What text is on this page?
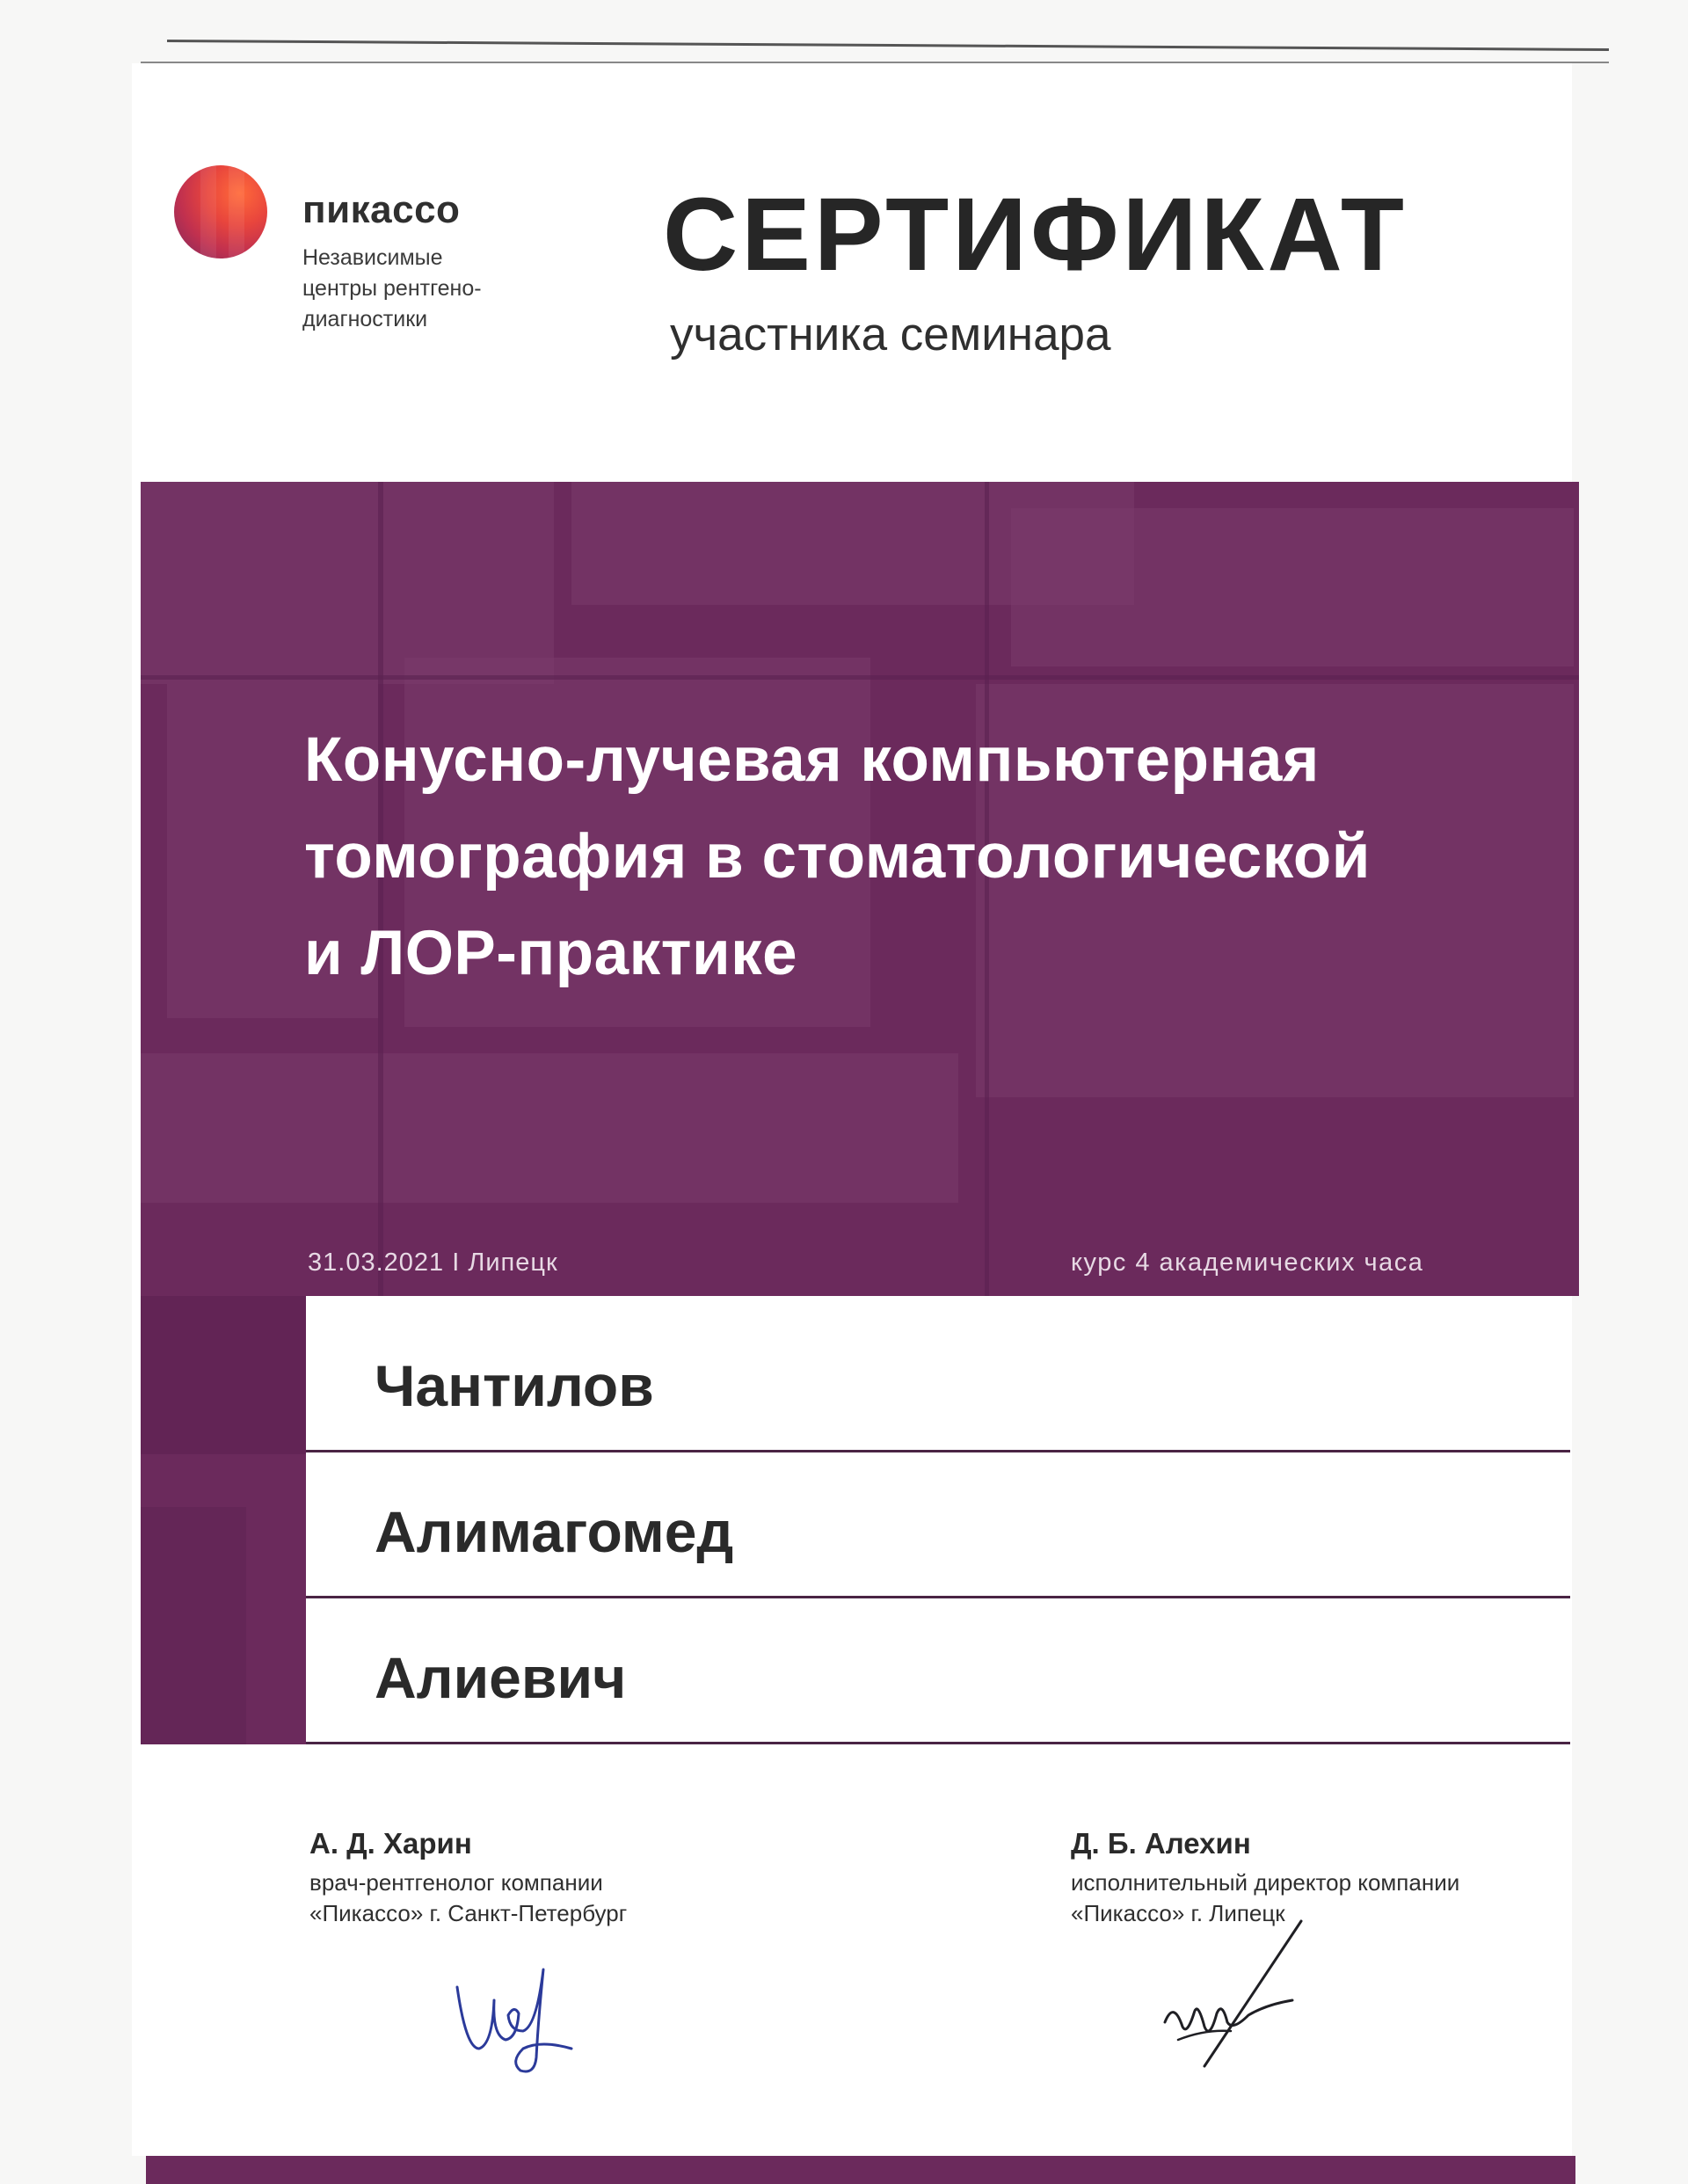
пикассо
Независимые
центры рентгено-
диагностики
СЕРТИФИКАТ
участника семинара
Конусно-лучевая компьютерная
томография в стоматологической
и ЛОР-практике
31.03.2021 I Липецк	курс 4 академических часа
Чантилов
Алимагомед
Алиевич
А. Д. Харин
врач-рентгенолог компании
«Пикассо» г. Санкт-Петербург
Д. Б. Алехин
исполнительный директор компании
«Пикассо» г. Липецк
